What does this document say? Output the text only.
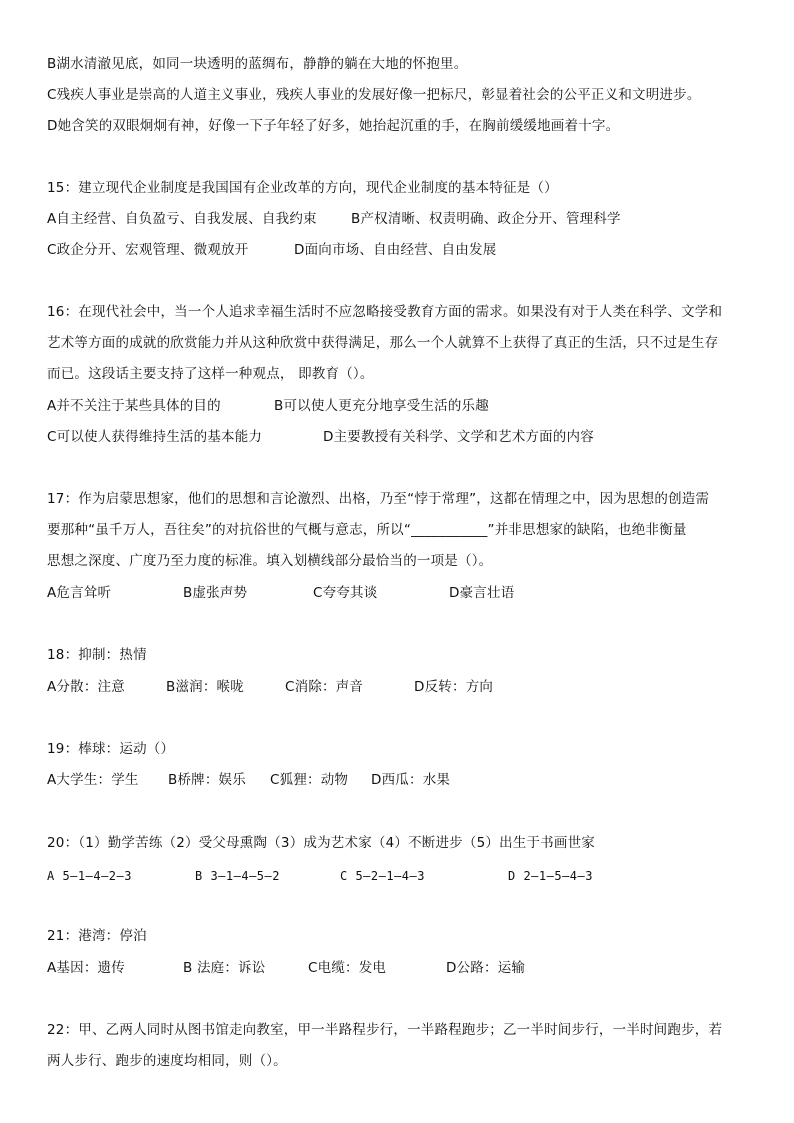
B湖水清澈见底，如同一块透明的蓝绸布，静静的躺在大地的怀抱里。
C残疾人事业是崇高的人道主义事业，残疾人事业的发展好像一把标尺，彰显着社会的公平正义和文明进步。
D她含笑的双眼炯炯有神，好像一下子年轻了好多，她抬起沉重的手，在胸前缓缓地画着十字。
15：建立现代企业制度是我国国有企业改革的方向，现代企业制度的基本特征是（）
A自主经营、自负盈亏、自我发展、自我约束	B产权清晰、权责明确、政企分开、管理科学
C政企分开、宏观管理、微观放开	D面向市场、自由经营、自由发展
16：在现代社会中，当一个人追求幸福生活时不应忽略接受教育方面的需求。如果没有对于人类在科学、文学和
艺术等方面的成就的欣赏能力并从这种欣赏中获得满足，那么一个人就算不上获得了真正的生活，只不过是生存
而已。这段话主要支持了这样一种观点， 即教育（）。
A并不关注于某些具体的目的	B可以使人更充分地享受生活的乐趣
C可以使人获得维持生活的基本能力	D主要教授有关科学、文学和艺术方面的内容
17：作为启蒙思想家，他们的思想和言论激烈、出格，乃至“悖于常理”，这都在情理之中，因为思想的创造需
要那种“虽千万人，吾往矣”的对抗俗世的气概与意志，所以“___________”并非思想家的缺陷，也绝非衡量
思想之深度、广度乃至力度的标准。填入划横线部分最恰当的一项是（）。
A危言耸听	B虚张声势	C夸夸其谈	D豪言壮语
18：抑制：热情
A分散：注意	B滋润：喉咙	C消除：声音	D反转：方向
19：棒球：运动（）
A大学生：学生 B桥牌：娱乐 C狐狸：动物 D西瓜：水果
20：（1）勤学苦练（2）受父母熏陶（3）成为艺术家（4）不断进步（5）出生于书画世家
A 5—1—4—2—3	B 3—1—4—5—2	C 5—2—1—4—3	D 2—1—5—4—3
21：港湾：停泊
A基因：遗传	B 法庭：诉讼	C电缆：发电	D公路：运输
22：甲、乙两人同时从图书馆走向教室，甲一半路程步行，一半路程跑步；乙一半时间步行，一半时间跑步，若
两人步行、跑步的速度均相同，则（）。
